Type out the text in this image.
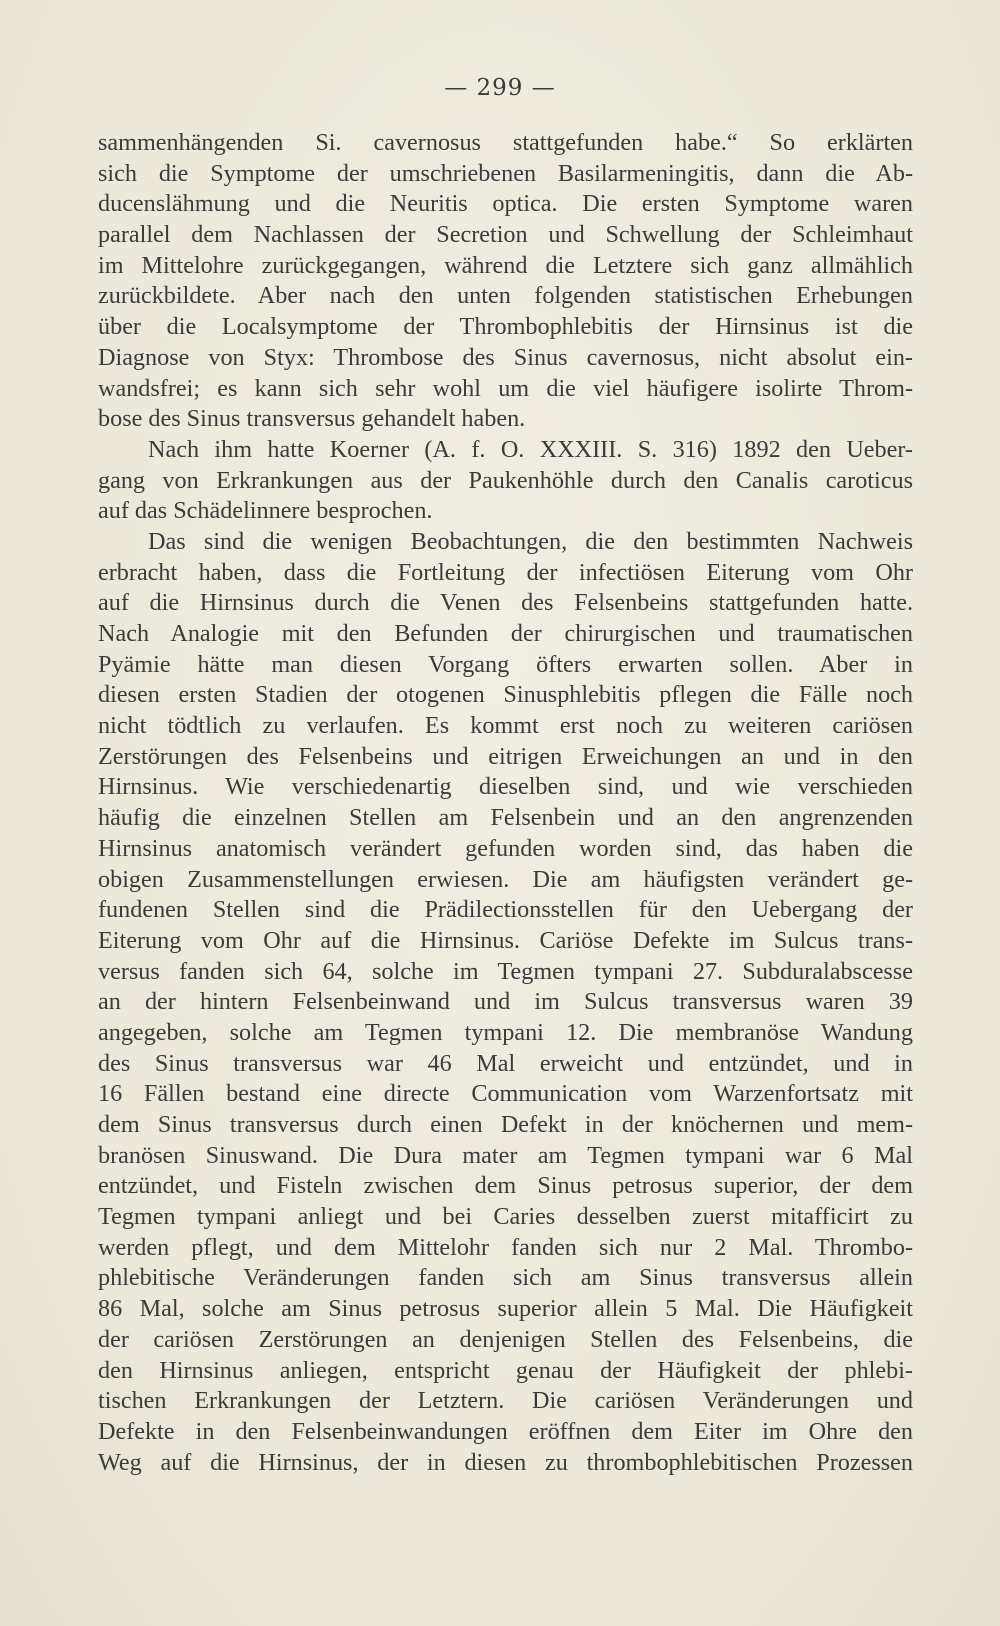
— 299 —
sammenhängenden Si. cavernosus stattgefunden habe.“ So erklärten
sich die Symptome der umschriebenen Basilarmeningitis, dann die Ab-
ducenslähmung und die Neuritis optica. Die ersten Symptome waren
parallel dem Nachlassen der Secretion und Schwellung der Schleimhaut
im Mittelohre zurückgegangen, während die Letztere sich ganz allmählich
zurückbildete. Aber nach den unten folgenden statistischen Erhebungen
über die Localsymptome der Thrombophlebitis der Hirnsinus ist die
Diagnose von Styx: Thrombose des Sinus cavernosus, nicht absolut ein-
wandsfrei; es kann sich sehr wohl um die viel häufigere isolirte Throm-
bose des Sinus transversus gehandelt haben.
Nach ihm hatte Koerner (A. f. O. XXXIII. S. 316) 1892 den Ueber-
gang von Erkrankungen aus der Paukenhöhle durch den Canalis caroticus
auf das Schädelinnere besprochen.
Das sind die wenigen Beobachtungen, die den bestimmten Nachweis
erbracht haben, dass die Fortleitung der infectiösen Eiterung vom Ohr
auf die Hirnsinus durch die Venen des Felsenbeins stattgefunden hatte.
Nach Analogie mit den Befunden der chirurgischen und traumatischen
Pyämie hätte man diesen Vorgang öfters erwarten sollen. Aber in
diesen ersten Stadien der otogenen Sinusphlebitis pflegen die Fälle noch
nicht tödtlich zu verlaufen. Es kommt erst noch zu weiteren cariösen
Zerstörungen des Felsenbeins und eitrigen Erweichungen an und in den
Hirnsinus. Wie verschiedenartig dieselben sind, und wie verschieden
häufig die einzelnen Stellen am Felsenbein und an den angrenzenden
Hirnsinus anatomisch verändert gefunden worden sind, das haben die
obigen Zusammenstellungen erwiesen. Die am häufigsten verändert ge-
fundenen Stellen sind die Prädilectionsstellen für den Uebergang der
Eiterung vom Ohr auf die Hirnsinus. Cariöse Defekte im Sulcus trans-
versus fanden sich 64, solche im Tegmen tympani 27. Subduralabscesse
an der hintern Felsenbeinwand und im Sulcus transversus waren 39
angegeben, solche am Tegmen tympani 12. Die membranöse Wandung
des Sinus transversus war 46 Mal erweicht und entzündet, und in
16 Fällen bestand eine directe Communication vom Warzenfortsatz mit
dem Sinus transversus durch einen Defekt in der knöchernen und mem-
branösen Sinuswand. Die Dura mater am Tegmen tympani war 6 Mal
entzündet, und Fisteln zwischen dem Sinus petrosus superior, der dem
Tegmen tympani anliegt und bei Caries desselben zuerst mitafficirt zu
werden pflegt, und dem Mittelohr fanden sich nur 2 Mal. Thrombo-
phlebitische Veränderungen fanden sich am Sinus transversus allein
86 Mal, solche am Sinus petrosus superior allein 5 Mal. Die Häufigkeit
der cariösen Zerstörungen an denjenigen Stellen des Felsenbeins, die
den Hirnsinus anliegen, entspricht genau der Häufigkeit der phlebi-
tischen Erkrankungen der Letztern. Die cariösen Veränderungen und
Defekte in den Felsenbeinwandungen eröffnen dem Eiter im Ohre den
Weg auf die Hirnsinus, der in diesen zu thrombophlebitischen Prozessen
